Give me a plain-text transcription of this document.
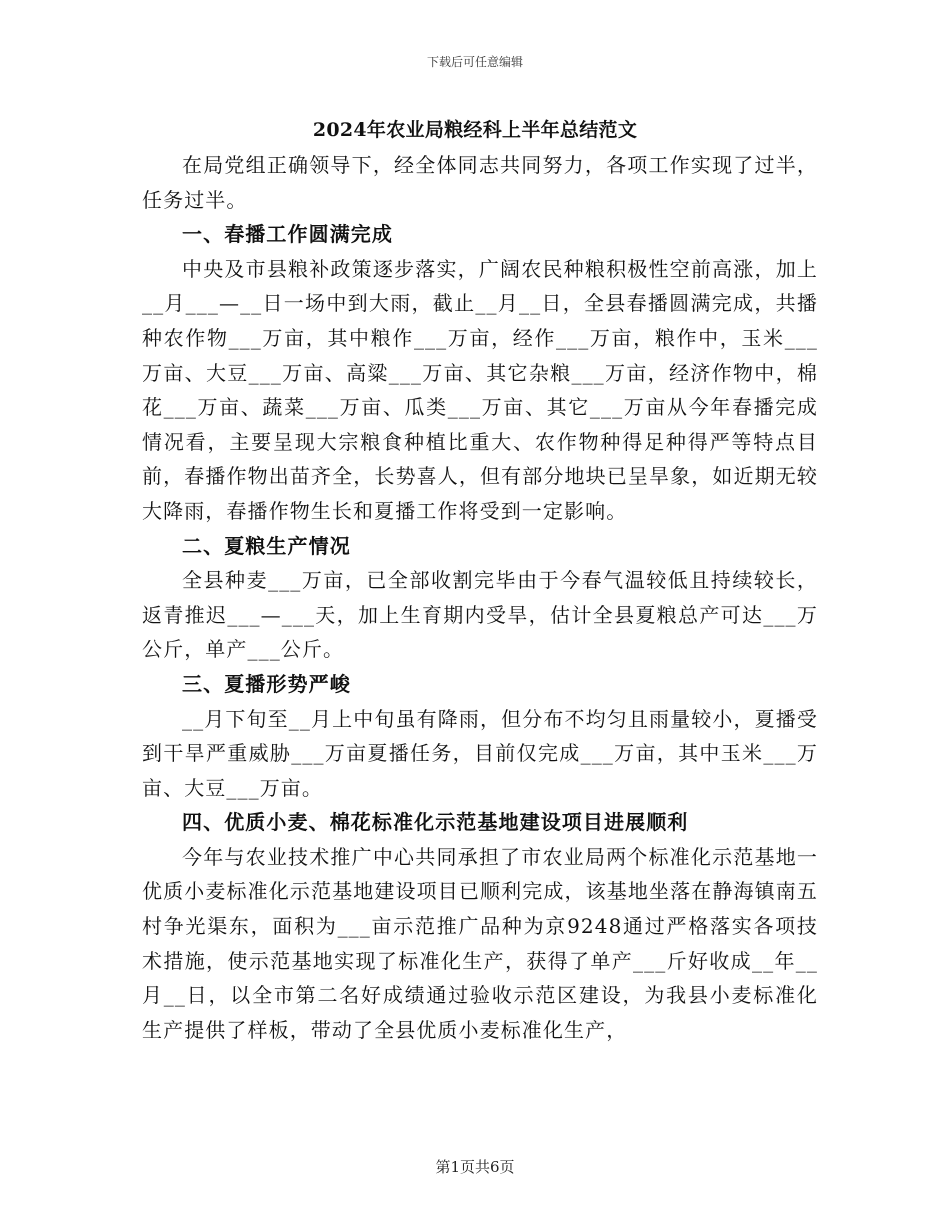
下载后可任意编辑
2024年农业局粮经科上半年总结范文

在局党组正确领导下，经全体同志共同努力，各项工作实现了过半，任务过半。

一、春播工作圆满完成

中央及市县粮补政策逐步落实，广阔农民种粮积极性空前高涨，加上__月___—__日一场中到大雨，截止__月__日，全县春播圆满完成，共播种农作物___万亩，其中粮作___万亩，经作___万亩，粮作中，玉米___万亩、大豆___万亩、高粱___万亩、其它杂粮___万亩，经济作物中，棉花___万亩、蔬菜___万亩、瓜类___万亩、其它___万亩从今年春播完成情况看，主要呈现大宗粮食种植比重大、农作物种得足种得严等特点目前，春播作物出苗齐全，长势喜人，但有部分地块已呈旱象，如近期无较大降雨，春播作物生长和夏播工作将受到一定影响。

二、夏粮生产情况

全县种麦___万亩，已全部收割完毕由于今春气温较低且持续较长，返青推迟___—___天，加上生育期内受旱，估计全县夏粮总产可达___万公斤，单产___公斤。

三、夏播形势严峻

__月下旬至__月上中旬虽有降雨，但分布不均匀且雨量较小，夏播受到干旱严重威胁___万亩夏播任务，目前仅完成___万亩，其中玉米___万亩、大豆___万亩。

四、优质小麦、棉花标准化示范基地建设项目进展顺利

今年与农业技术推广中心共同承担了市农业局两个标准化示范基地一优质小麦标准化示范基地建设项目已顺利完成，该基地坐落在静海镇南五村争光渠东，面积为___亩示范推广品种为京9248通过严格落实各项技术措施，使示范基地实现了标准化生产，获得了单产___斤好收成__年__月__日，以全市第二名好成绩通过验收示范区建设，为我县小麦标准化生产提供了样板，带动了全县优质小麦标准化生产，

第1页共6页
